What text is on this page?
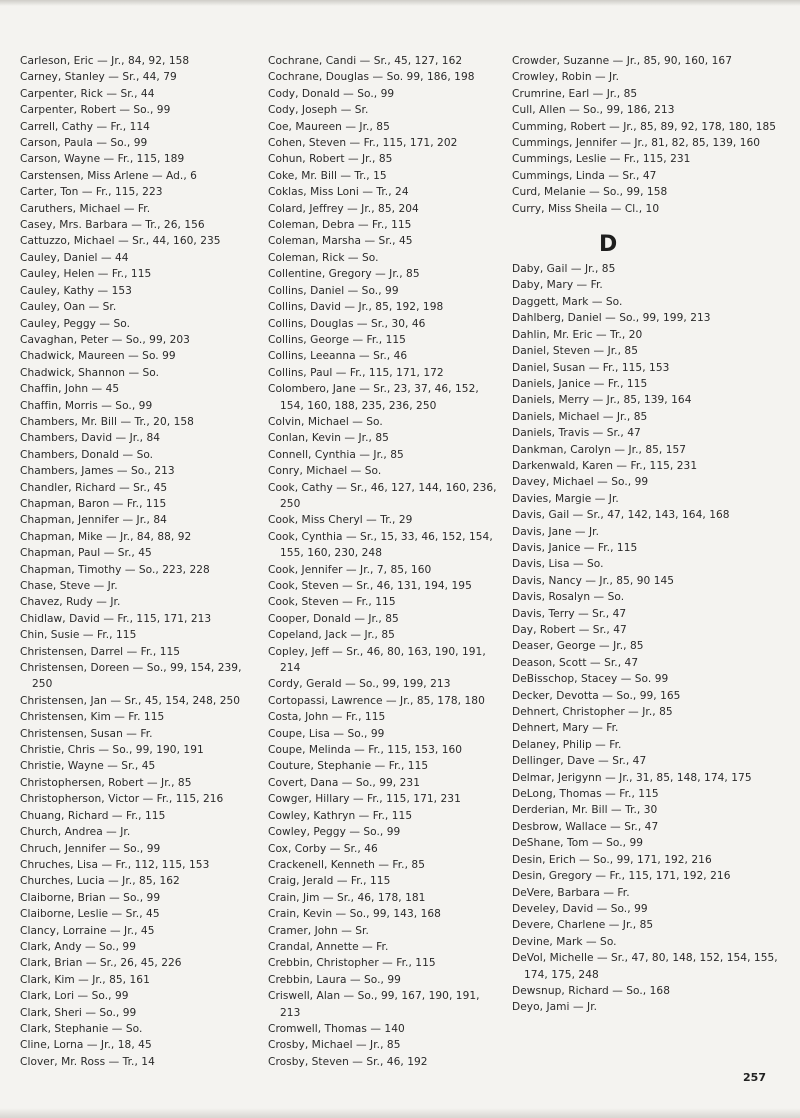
Carleson, Eric — Jr., 84, 92, 158
Carney, Stanley — Sr., 44, 79
Carpenter, Rick — Sr., 44
Carpenter, Robert — So., 99
Carrell, Cathy — Fr., 114
Carson, Paula — So., 99
Carson, Wayne — Fr., 115, 189
Carstensen, Miss Arlene — Ad., 6
Carter, Ton — Fr., 115, 223
Caruthers, Michael — Fr.
Casey, Mrs. Barbara — Tr., 26, 156
Cattuzzo, Michael — Sr., 44, 160, 235
Cauley, Daniel — 44
Cauley, Helen — Fr., 115
Cauley, Kathy — 153
Cauley, Oan — Sr.
Cauley, Peggy — So.
Cavaghan, Peter — So., 99, 203
Chadwick, Maureen — So. 99
Chadwick, Shannon — So.
Chaffin, John — 45
Chaffin, Morris — So., 99
Chambers, Mr. Bill — Tr., 20, 158
Chambers, David — Jr., 84
Chambers, Donald — So.
Chambers, James — So., 213
Chandler, Richard — Sr., 45
Chapman, Baron — Fr., 115
Chapman, Jennifer — Jr., 84
Chapman, Mike — Jr., 84, 88, 92
Chapman, Paul — Sr., 45
Chapman, Timothy — So., 223, 228
Chase, Steve — Jr.
Chavez, Rudy — Jr.
Chidlaw, David — Fr., 115, 171, 213
Chin, Susie — Fr., 115
Christensen, Darrel — Fr., 115
Christensen, Doreen — So., 99, 154, 239, 250
Christensen, Jan — Sr., 45, 154, 248, 250
Christensen, Kim — Fr. 115
Christensen, Susan — Fr.
Christie, Chris — So., 99, 190, 191
Christie, Wayne — Sr., 45
Christophersen, Robert — Jr., 85
Christopherson, Victor — Fr., 115, 216
Chuang, Richard — Fr., 115
Church, Andrea — Jr.
Chruch, Jennifer — So., 99
Chruches, Lisa — Fr., 112, 115, 153
Churches, Lucia — Jr., 85, 162
Claiborne, Brian — So., 99
Claiborne, Leslie — Sr., 45
Clancy, Lorraine — Jr., 45
Clark, Andy — So., 99
Clark, Brian — Sr., 26, 45, 226
Clark, Kim — Jr., 85, 161
Clark, Lori — So., 99
Clark, Sheri — So., 99
Clark, Stephanie — So.
Cline, Lorna — Jr., 18, 45
Clover, Mr. Ross — Tr., 14
Cochrane, Candi — Sr., 45, 127, 162
Cochrane, Douglas — So. 99, 186, 198
Cody, Donald — So., 99
Cody, Joseph — Sr.
Coe, Maureen — Jr., 85
Cohen, Steven — Fr., 115, 171, 202
Cohun, Robert — Jr., 85
Coke, Mr. Bill — Tr., 15
Coklas, Miss Loni — Tr., 24
Colard, Jeffrey — Jr., 85, 204
Coleman, Debra — Fr., 115
Coleman, Marsha — Sr., 45
Coleman, Rick — So.
Collentine, Gregory — Jr., 85
Collins, Daniel — So., 99
Collins, David — Jr., 85, 192, 198
Collins, Douglas — Sr., 30, 46
Collins, George — Fr., 115
Collins, Leeanna — Sr., 46
Collins, Paul — Fr., 115, 171, 172
Colombero, Jane — Sr., 23, 37, 46, 152, 154, 160, 188, 235, 236, 250
Colvin, Michael — So.
Conlan, Kevin — Jr., 85
Connell, Cynthia — Jr., 85
Conry, Michael — So.
Cook, Cathy — Sr., 46, 127, 144, 160, 236, 250
Cook, Miss Cheryl — Tr., 29
Cook, Cynthia — Sr., 15, 33, 46, 152, 154, 155, 160, 230, 248
Cook, Jennifer — Jr., 7, 85, 160
Cook, Steven — Sr., 46, 131, 194, 195
Cook, Steven — Fr., 115
Cooper, Donald — Jr., 85
Copeland, Jack — Jr., 85
Copley, Jeff — Sr., 46, 80, 163, 190, 191, 214
Cordy, Gerald — So., 99, 199, 213
Cortopassi, Lawrence — Jr., 85, 178, 180
Costa, John — Fr., 115
Coupe, Lisa — So., 99
Coupe, Melinda — Fr., 115, 153, 160
Couture, Stephanie — Fr., 115
Covert, Dana — So., 99, 231
Cowger, Hillary — Fr., 115, 171, 231
Cowley, Kathryn — Fr., 115
Cowley, Peggy — So., 99
Cox, Corby — Sr., 46
Crackenell, Kenneth — Fr., 85
Craig, Jerald — Fr., 115
Crain, Jim — Sr., 46, 178, 181
Crain, Kevin — So., 99, 143, 168
Cramer, John — Sr.
Crandal, Annette — Fr.
Crebbin, Christopher — Fr., 115
Crebbin, Laura — So., 99
Criswell, Alan — So., 99, 167, 190, 191, 213
Cromwell, Thomas — 140
Crosby, Michael — Jr., 85
Crosby, Steven — Sr., 46, 192
Crowder, Suzanne — Jr., 85, 90, 160, 167
Crowley, Robin — Jr.
Crumrine, Earl — Jr., 85
Cull, Allen — So., 99, 186, 213
Cumming, Robert — Jr., 85, 89, 92, 178, 180, 185
Cummings, Jennifer — Jr., 81, 82, 85, 139, 160
Cummings, Leslie — Fr., 115, 231
Cummings, Linda — Sr., 47
Curd, Melanie — So., 99, 158
Curry, Miss Sheila — Cl., 10
D
Daby, Gail — Jr., 85
Daby, Mary — Fr.
Daggett, Mark — So.
Dahlberg, Daniel — So., 99, 199, 213
Dahlin, Mr. Eric — Tr., 20
Daniel, Steven — Jr., 85
Daniel, Susan — Fr., 115, 153
Daniels, Janice — Fr., 115
Daniels, Merry — Jr., 85, 139, 164
Daniels, Michael — Jr., 85
Daniels, Travis — Sr., 47
Dankman, Carolyn — Jr., 85, 157
Darkenwald, Karen — Fr., 115, 231
Davey, Michael — So., 99
Davies, Margie — Jr.
Davis, Gail — Sr., 47, 142, 143, 164, 168
Davis, Jane — Jr.
Davis, Janice — Fr., 115
Davis, Lisa — So.
Davis, Nancy — Jr., 85, 90 145
Davis, Rosalyn — So.
Davis, Terry — Sr., 47
Day, Robert — Sr., 47
Deaser, George — Jr., 85
Deason, Scott — Sr., 47
DeBisschop, Stacey — So. 99
Decker, Devotta — So., 99, 165
Dehnert, Christopher — Jr., 85
Dehnert, Mary — Fr.
Delaney, Philip — Fr.
Dellinger, Dave — Sr., 47
Delmar, Jerigynn — Jr., 31, 85, 148, 174, 175
DeLong, Thomas — Fr., 115
Derderian, Mr. Bill — Tr., 30
Desbrow, Wallace — Sr., 47
DeShane, Tom — So., 99
Desin, Erich — So., 99, 171, 192, 216
Desin, Gregory — Fr., 115, 171, 192, 216
DeVere, Barbara — Fr.
Develey, David — So., 99
Devere, Charlene — Jr., 85
Devine, Mark — So.
DeVol, Michelle — Sr., 47, 80, 148, 152, 154, 155, 174, 175, 248
Dewsnup, Richard — So., 168
Deyo, Jami — Jr.
257
